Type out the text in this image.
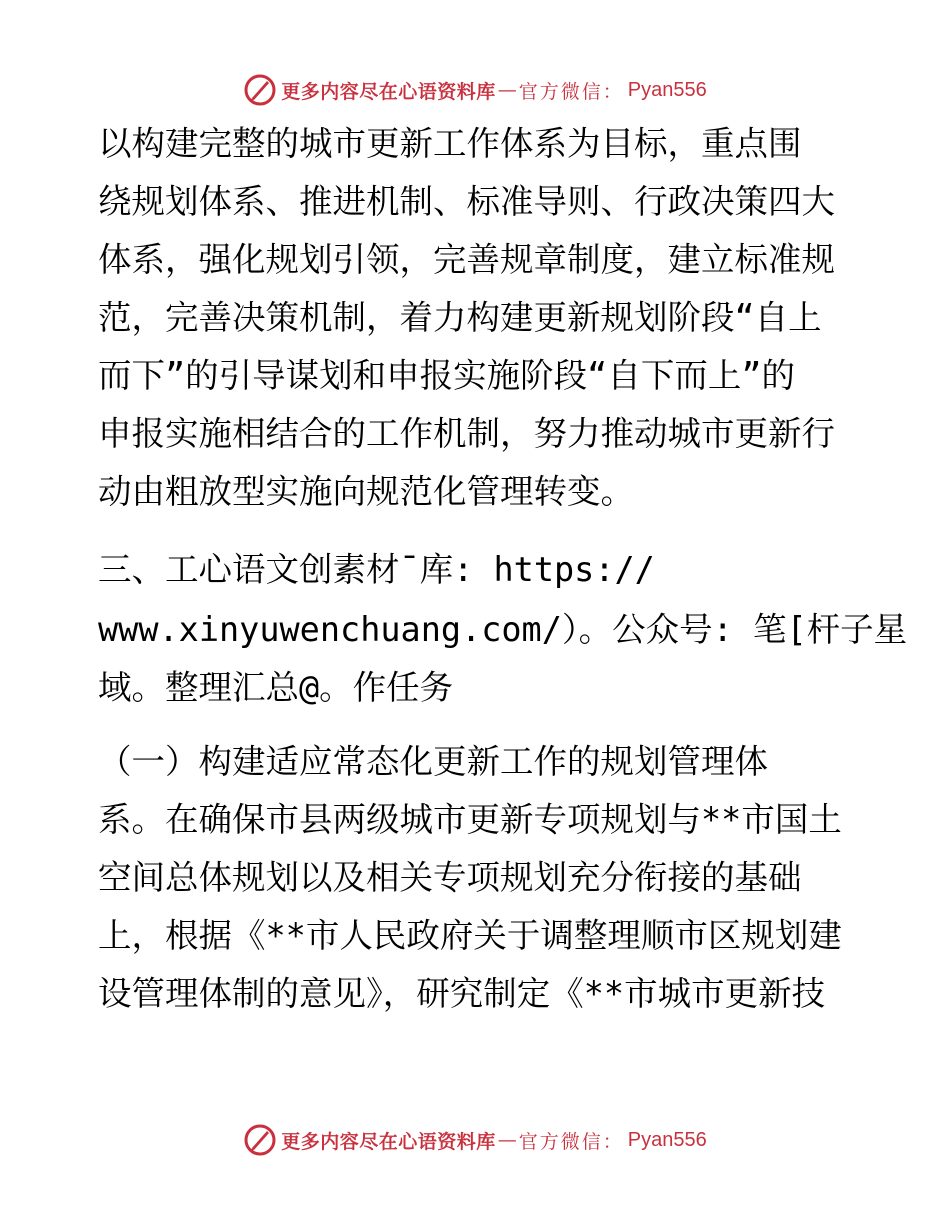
更多内容尽在心语资料库 — 官方微信： Pyan556
以构建完整的城市更新工作体系为目标，重点围
绕规划体系、推进机制、标准导则、行政决策四大
体系，强化规划引领，完善规章制度，建立标准规
范，完善决策机制，着力构建更新规划阶段“自上
而下”的引导谋划和申报实施阶段“自下而上”的
申报实施相结合的工作机制，努力推动城市更新行
动由粗放型实施向规范化管理转变。
三、工心语文创素材¯库: https://
www.xinyuwenchuang.com/）。公众号: 笔[杆子星
域。整理汇总@。作任务
（一）构建适应常态化更新工作的规划管理体
系。在确保市县两级城市更新专项规划与**市国土
空间总体规划以及相关专项规划充分衔接的基础
上，根据《**市人民政府关于调整理顺市区规划建
设管理体制的意见》，研究制定《**市城市更新技
更多内容尽在心语资料库 — 官方微信： Pyan556
